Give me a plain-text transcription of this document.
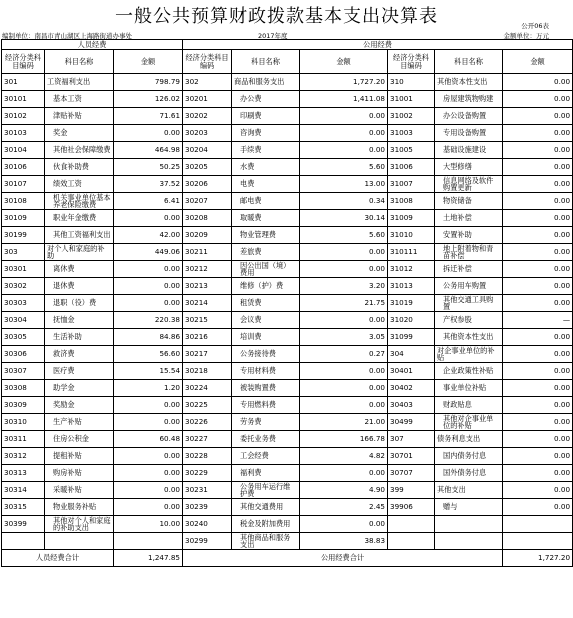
一般公共预算财政拨款基本支出决算表	公开06表
编制单位：南昌市青山湖区上海路街道办事处	2017年度	金额单位：万元
人员经费			公用经费					
经济分类科目编码	科目名称	金额	经济分类科目编码	科目名称	金额	经济分类科目编码	科目名称	金额
301	工资福利支出	798.79	302	商品和服务支出	1,727.20	310	其他资本性支出	0.00
30101	基本工资	126.02	30201	办公费	1,411.08	31001	房屋建筑物购建	0.00
30102	津贴补贴	71.61	30202	印刷费	0.00	31002	办公设备购置	0.00
30103	奖金	0.00	30203	咨询费	0.00	31003	专用设备购置	0.00
30104	其他社会保障缴费	464.98	30204	手续费	0.00	31005	基础设施建设	0.00
30106	伙食补助费	50.25	30205	水费	5.60	31006	大型修缮	0.00
30107	绩效工资	37.52	30206	电费	13.00	31007	信息网络及软件购置更新	0.00
30108	机关事业单位基本养老保险缴费	6.41	30207	邮电费	0.34	31008	物资储备	0.00
30109	职业年金缴费	0.00	30208	取暖费	30.14	31009	土地补偿	0.00
30199	其他工资福利支出	42.00	30209	物业管理费	5.60	31010	安置补助	0.00
303	对个人和家庭的补助	449.06	30211	差旅费	0.00	310111	地上附着物和青苗补偿	0.00
30301	离休费	0.00	30212	因公出国（境）费用	0.00	31012	拆迁补偿	0.00
30302	退休费	0.00	30213	维修（护）费	3.20	31013	公务用车购置	0.00
30303	退职（役）费	0.00	30214	租赁费	21.75	31019	其他交通工具购置	0.00
30304	抚恤金	220.38	30215	会议费	0.00	31020	产权参股	—
30305	生活补助	84.86	30216	培训费	3.05	31099	其他资本性支出	0.00
30306	救济费	56.60	30217	公务接待费	0.27	304	对企事业单位的补贴	0.00
30307	医疗费	15.54	30218	专用材料费	0.00	30401	企业政策性补贴	0.00
30308	助学金	1.20	30224	被装购置费	0.00	30402	事业单位补贴	0.00
30309	奖励金	0.00	30225	专用燃料费	0.00	30403	财政贴息	0.00
30310	生产补贴	0.00	30226	劳务费	21.00	30499	其他对企事业单位的补贴	0.00
30311	住房公积金	60.48	30227	委托业务费	166.78	307	债务利息支出	0.00
30312	提租补贴	0.00	30228	工会经费	4.82	30701	国内债务付息	0.00
30313	购房补贴	0.00	30229	福利费	0.00	30707	国外债务付息	0.00
30314	采暖补贴	0.00	30231	公务用车运行维护费	4.90	399	其他支出	0.00
30315	物业服务补贴	0.00	30239	其他交通费用	2.45	39906	赠与	0.00
30399	其他对个人和家庭的补助支出	10.00	30240	税金及附加费用	0.00			
			30299	其他商品和服务支出	38.83			
人员经费合计		1,247.85	公用经费合计					1,727.20
